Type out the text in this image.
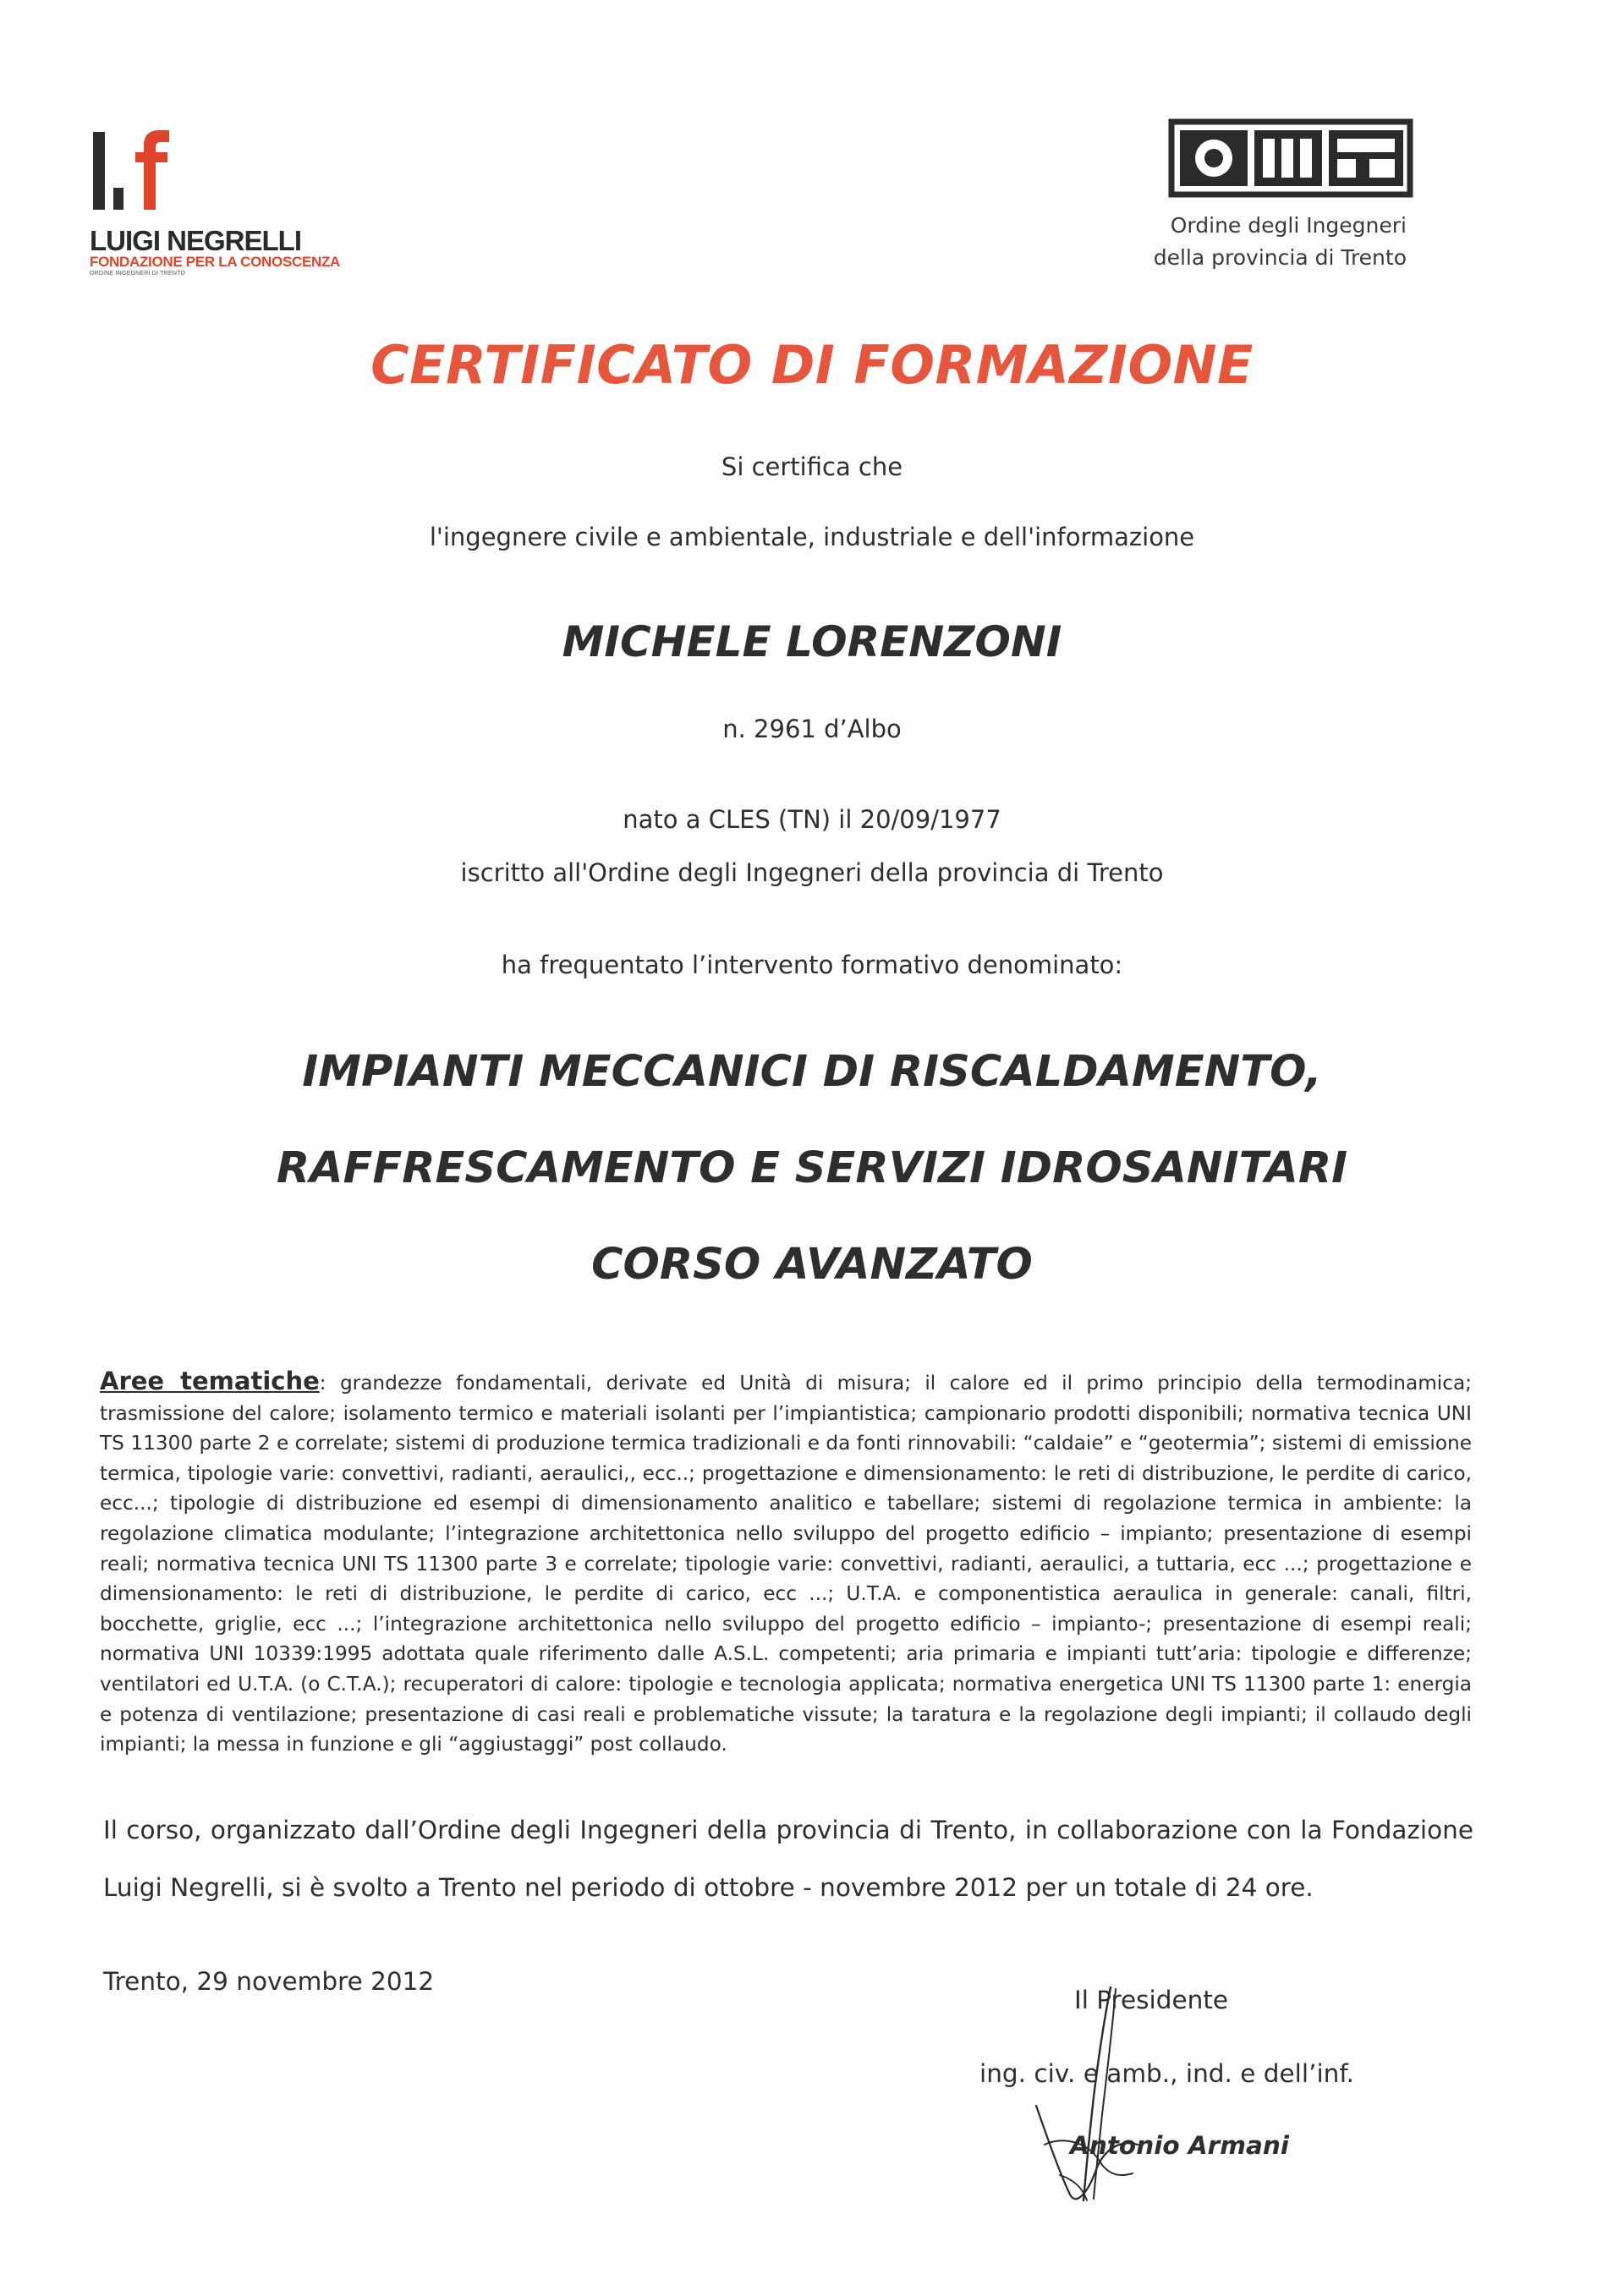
LUIGI NEGRELLI
FONDAZIONE PER LA CONOSCENZA
ORDINE INGEGNERI DI TRENTO
Ordine degli Ingegneri
della provincia di Trento
CERTIFICATO DI FORMAZIONE
Si certifica che
l'ingegnere civile e ambientale, industriale e dell'informazione
MICHELE LORENZONI
n. 2961 d’Albo
nato a CLES (TN) il 20/09/1977
iscritto all'Ordine degli Ingegneri della provincia di Trento
ha frequentato l’intervento formativo denominato:
IMPIANTI MECCANICI DI RISCALDAMENTO,
RAFFRESCAMENTO E SERVIZI IDROSANITARI
CORSO AVANZATO
Aree tematiche: grandezze fondamentali, derivate ed Unità di misura; il calore ed il primo principio della termodinamica; trasmissione del calore; isolamento termico e materiali isolanti per l’impiantistica; campionario prodotti disponibili; normativa tecnica UNI TS 11300 parte 2 e correlate; sistemi di produzione termica tradizionali e da fonti rinnovabili: “caldaie” e “geotermia”; sistemi di emissione termica, tipologie varie: convettivi, radianti, aeraulici,, ecc..; progettazione e dimensionamento: le reti di distribuzione, le perdite di carico, ecc...; tipologie di distribuzione ed esempi di dimensionamento analitico e tabellare; sistemi di regolazione termica in ambiente: la regolazione climatica modulante; l’integrazione architettonica nello sviluppo del progetto edificio – impianto; presentazione di esempi reali; normativa tecnica UNI TS 11300 parte 3 e correlate; tipologie varie: convettivi, radianti, aeraulici, a tuttaria, ecc ...; progettazione e dimensionamento: le reti di distribuzione, le perdite di carico, ecc ...; U.T.A. e componentistica aeraulica in generale: canali, filtri, bocchette, griglie, ecc ...; l’integrazione architettonica nello sviluppo del progetto edificio – impianto-; presentazione di esempi reali; normativa UNI 10339:1995 adottata quale riferimento dalle A.S.L. competenti; aria primaria e impianti tutt’aria: tipologie e differenze; ventilatori ed U.T.A. (o C.T.A.); recuperatori di calore: tipologie e tecnologia applicata; normativa energetica UNI TS 11300 parte 1: energia e potenza di ventilazione; presentazione di casi reali e problematiche vissute; la taratura e la regolazione degli impianti; il collaudo degli impianti; la messa in funzione e gli “aggiustaggi” post collaudo.
Il corso, organizzato dall’Ordine degli Ingegneri della provincia di Trento, in collaborazione con la Fondazione Luigi Negrelli, si è svolto a Trento nel periodo di ottobre - novembre 2012 per un totale di 24 ore.
Trento, 29 novembre 2012
Il Presidente
ing. civ. e amb., ind. e dell’inf.
Antonio Armani
